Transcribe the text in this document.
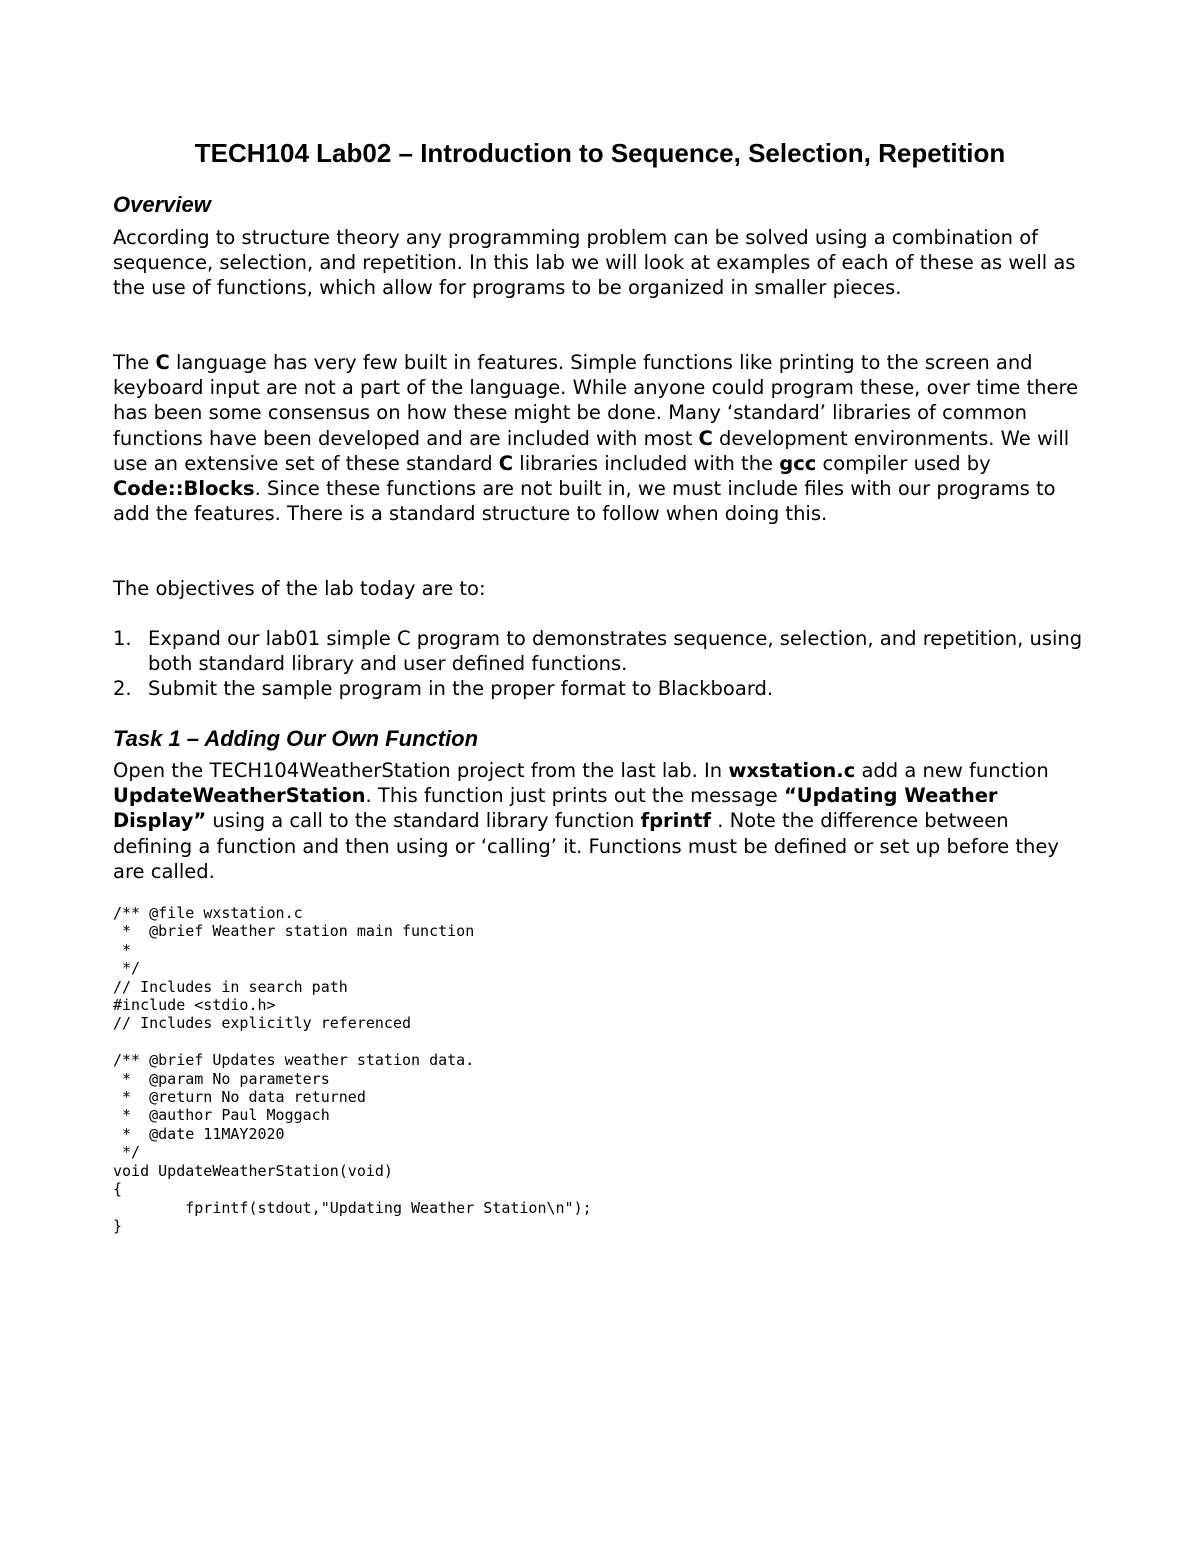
TECH104 Lab02 – Introduction to Sequence, Selection, Repetition
Overview

According to structure theory any programming problem can be solved using a combination of sequence, selection, and repetition. In this lab we will look at examples of each of these as well as the use of functions, which allow for programs to be organized in smaller pieces.

The C language has very few built in features. Simple functions like printing to the screen and keyboard input are not a part of the language. While anyone could program these, over time there has been some consensus on how these might be done. Many ‘standard’ libraries of common functions have been developed and are included with most C development environments. We will use an extensive set of these standard C libraries included with the gcc compiler used by Code::Blocks. Since these functions are not built in, we must include files with our programs to add the features. There is a standard structure to follow when doing this.

The objectives of the lab today are to:

1. Expand our lab01 simple C program to demonstrates sequence, selection, and repetition, using both standard library and user defined functions.
2. Submit the sample program in the proper format to Blackboard.
Task 1 – Adding Our Own Function

Open the TECH104WeatherStation project from the last lab. In wxstation.c add a new function UpdateWeatherStation. This function just prints out the message “Updating Weather Display” using a call to the standard library function fprintf . Note the difference between defining a function and then using or ‘calling’ it. Functions must be defined or set up before they are called.

/** @file wxstation.c
*  @brief Weather station main function
*
*/
// Includes in search path
#include <stdio.h>
// Includes explicitly referenced

/** @brief Updates weather station data.
*  @param No parameters
*  @return No data returned
*  @author Paul Moggach
*  @date 11MAY2020
*/
void UpdateWeatherStation(void)
{
	fprintf(stdout,"Updating Weather Station\n");
}
